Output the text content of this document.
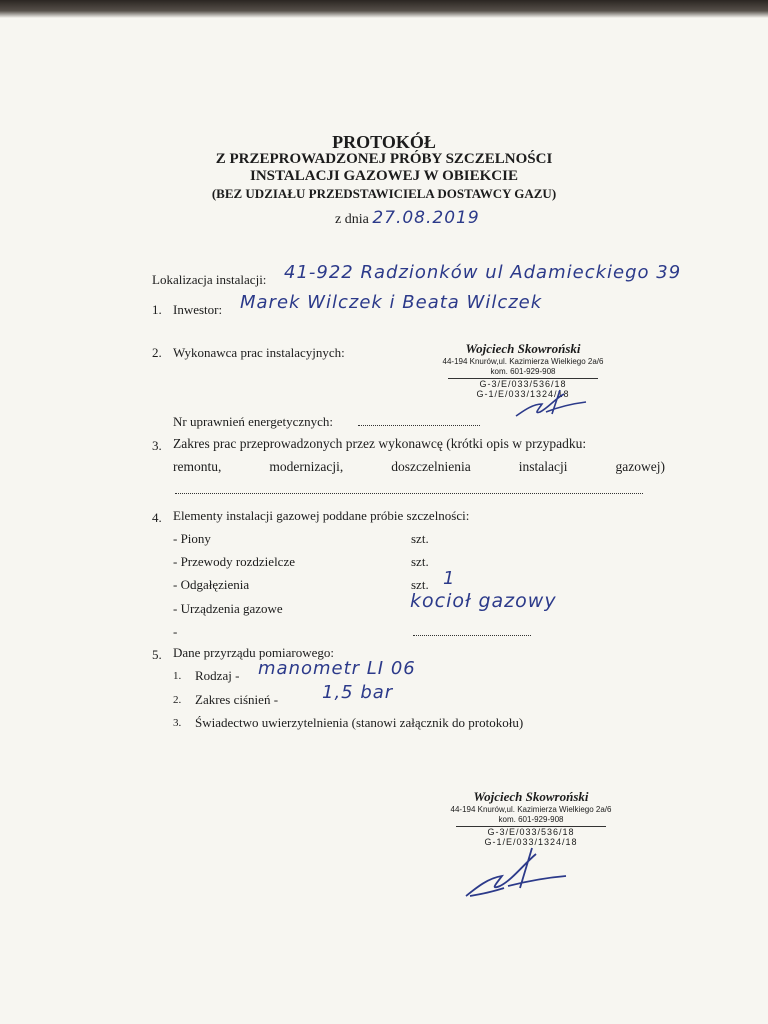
PROTOKÓŁ
Z PRZEPROWADZONEJ PRÓBY SZCZELNOŚCI
INSTALACJI GAZOWEJ W OBIEKCIE
(BEZ UDZIAŁU PRZEDSTAWICIELA DOSTAWCY GAZU)
z dnia 27.08.2019
Lokalizacja instalacji: 41-922 Radzionków ul Adamieckiego 39
1. Inwestor: Marek Wilczek i Beata Wilczek
2. Wykonawca prac instalacyjnych:	Wojciech Skowroński
44-194 Knurów,ul. Kazimierza Wielkiego 2a/6
kom. 601-929-908
G-3/E/033/536/18
G-1/E/033/1324/18
Nr uprawnień energetycznych:
3. Zakres prac przeprowadzonych przez wykonawcę (krótki opis w przypadku:
remontu,	modernizacji,	doszczelnienia	instalacji	gazowej)
4. Elementy instalacji gazowej poddane próbie szczelności:
- Piony	szt.
- Przewody rozdzielcze	szt.
- Odgałęzienia	szt. 1
- Urządzenia gazowe	kocioł gazowy
-
5. Dane przyrządu pomiarowego:
1. Rodzaj - manometr LI 06
2. Zakres ciśnień - 1,5 bar
3. Świadectwo uwierzytelnienia (stanowi załącznik do protokołu)
Wojciech Skowroński
44-194 Knurów,ul. Kazimierza Wielkiego 2a/6
kom. 601-929-908
G-3/E/033/536/18
G-1/E/033/1324/18
